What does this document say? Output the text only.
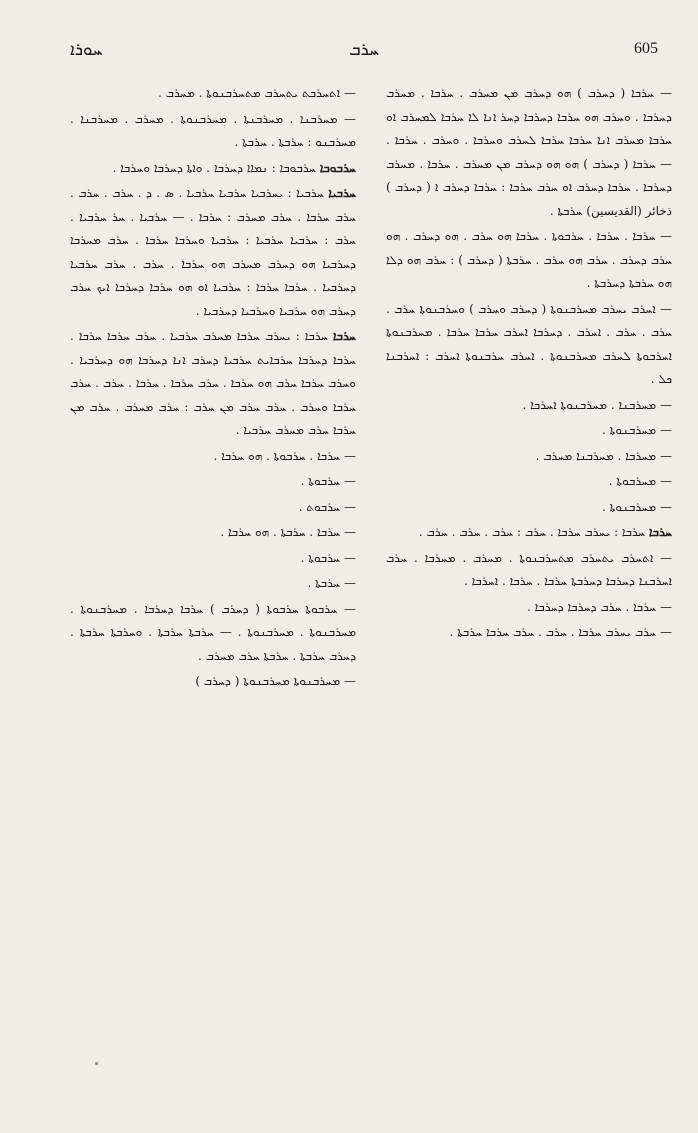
ܚܘܪܐ	ܚܪܒ	605
— ܐܬܚܪܒܬ ܝܬܚܪܒ ܡܬܚܪܒܢܘܬܐ . ܡܚܪܒ .
— ܡܚܪܒܢܐ . ܡܚܪܒܢܬܐ . ܡܚܪܒܢܘܬܐ . ܡܚܪܒ . ܡܚܪܒܢܐ . ܡܚܪܒܢܘ : ܚܪܒܬܐ . ܚܪܒܬܐ .
ܚܪܒܘܒܐ ܚܪܒܘܒܐ : ܢܡܐܐ ܕܚܪܒܐ . ܘܐܬܐ ܕܚܪܒܐ ܘܚܪܒܐ .
ܚܪܒܝܐ ܚܪܒܝܐ : ܝܚܪܒܝܐ ܚܪܒܝܐ ܚܪܒܝܐ . ܣ . ܕ . ܚܪܒ . ܚܪܒ . ܚܪܒ ܚܪܒܐ . ܚܪܒ ܡܚܪܒ : ܚܪܒܐ . — ܚܪܒܝܐ . ܚܪ ܚܪܒܝܐ . ܚܪܒ : ܚܪܒܝܐ ܚܪܒܝܐ : ܚܪܒܝܐ ܘܚܪܒܐ ܚܪܒܐ . ܚܪܒ ܡܚܪܒܐ ܕܚܪܒܝܐ ܗܘ ܕܚܪܒ ܡܚܪܒ ܗܘ ܚܪܒܐ . ܚܪܒ . ܚܪܒ ܚܪܒܝܐ ܕܚܪܒܝܐ . ܚܪܒܐ ܚܪܒܐ : ܚܪܒܝܐ ܐܘ ܗܘ ܚܪܒܐ ܕܚܪܒܐ ܐܝܟ ܚܪܒ ܕܚܪܒ ܗܘ ܚܪܒܝܐ ܘܚܪܒܝܐ ܕܚܪܒܝܐ .
ܚܪܒܐ ܚܪܒܐ : ܝܚܪܒ ܚܪܒܐ ܡܚܪܒ ܚܪܒܝܐ . ܚܪܒ ܚܪܒܐ ܚܪܒܐ . ܚܪܒܐ ܕܚܪܒܐ ܚܪܒܐܝܬ ܚܪܒܝܐ ܕܚܪܒ ܐܢܐ ܕܚܪܒܐ ܗܘ ܕܚܪܒܝܐ . ܘܚܪܒ ܚܪܒܐ ܚܪܒ ܗܘ ܚܪܒܐ . ܚܪܒ ܚܪܒܐ . ܚܪܒܐ . ܚܪܒ . ܚܪܒ ܚܪܒܐ ܘܚܪܒ . ܚܪܒ ܚܪܒ ܡܢ ܚܪܒ : ܚܪܒ ܡܚܪܒ . ܚܪܒ ܡܢ ܚܪܒܐ ܚܪܒ ܡܚܪܒ ܚܪܒܝܐ .
— ܚܪܒܐ . ܚܪܒܘܬܐ . ܗܘ ܚܪܒܐ .
— ܚܪܒܘܬܐ .
— ܚܪܒܘܬ .
— ܚܪܒܐ . ܚܪܒܬܐ . ܗܘ ܚܪܒܐ .
— ܚܪܒܘܬܐ .
— ܚܪܒܬܐ .
— ܚܪܒܘܬܐ ܚܪܒܘܬܐ ( ܕܚܪܒ ) ܚܪܒܐ ܕܚܪܒܐ . ܡܚܪܒܢܘܬܐ . ܡܚܪܒܢܘܬܐ . ܡܚܪܒܢܘܬܐ . — ܚܪܒܬܐ ܚܪܒܬܐ . ܘܚܪܒܬܐ ܚܪܒܬܐ . ܕܚܪܒ ܚܪܒܬܐ . ܚܪܒܬܐ ܚܪܒ ܡܚܪܒ .
— ܡܚܪܒܢܘܬܐ ܡܚܪܒܢܘܬܐ ( ܕܚܪܒ )
— ܚܪܒܐ ( ܕܚܪܒ ) ܗܘ ܕܚܪܒ ܡܢ ܡܚܪܒ . ܚܪܒܐ . ܡܚܪܒ ܕܚܪܒܐ . ܘܚܪܒ ܗܘ ܚܪܒܐ ܕܚܪܒܐ ܕܚܪ ܐܢܐ ܠܐ ܚܪܒܐ ܠܡܚܪܒ ܐܘ ܚܪܒܐ ܡܚܪܒ ܐܢܐ ܚܪܒܐ ܚܪܒܐ ܠܚܪܒ ܘܚܪܒܐ . ܘܚܪܒ . ܚܪܒܐ . — ܚܪܒܐ ( ܕܚܪܒ ) ܗܘ ܗܘ ܕܚܪܒ ܡܢ ܡܚܪܒ . ܚܪܒܐ . ܡܚܪܒ ܕܚܪܒܐ . ܚܪܒܐ ܕܚܪܒ ܐܘ ܚܪܒ ܚܪܒܐ : ܚܪܒܐ ܕܚܪܒ ܐ ( ܕܚܪܒ ) ذخائر (القديسين) ܚܪܒܬܐ .
— ܚܪܒܐ . ܚܪܒܐ . ܚܪܒܘܬܐ . ܚܪܒܐ ܗܘ ܚܪܒ . ܗܘ ܕܚܪܒ . ܗܘ ܚܪܒ ܕܚܪܒ . ܚܪܒ ܗܘ ܚܪܒ . ܚܪܒܬܐ ( ܕܚܪܒ ) : ܚܪܒ ܗܘ ܕܠܐ ܗܘ ܚܪܒܬܐ ܕܚܪܒܬܐ .
— ܐܚܪܒ ܝܚܪܒ ܡܚܪܒܢܘܬܐ ( ܕܚܪܒ ܘܚܪܒ ) ܘܚܪܒܢܘܬܐ ܚܪܒ . ܚܪܒ . ܚܪܒ . ܐܚܪܒ . ܕܚܪܒܐ ܐܚܪܒ ܚܪܒܐ ܚܪܒܐ . ܡܚܪܒܢܘܬܐ ܐܚܪܒܘܬܐ ܠܚܪܒ ܡܚܪܒܢܘܬܐ . ܐܚܪܒ ܚܪܒܢܘܬܐ ܐܚܪܒ : ܐܚܪܒܢܐ ܟܠ .
— ܡܚܪܒܢܐ . ܡܚܪܒܢܘܬܐ ܐܚܪܒܐ .
— ܡܚܪܒܢܘܬܐ .
— ܡܚܪܒܐ . ܡܚܪܒܢܐ ܡܚܪܒ .
— ܡܚܪܒܘܬܐ .
— ܡܚܪܒܢܘܬܐ .
ܚܪܒܐ ܚܪܒܐ : ܝܚܪܒ ܚܪܒܐ . ܚܪܒ : ܚܪܒ . ܚܪܒ . ܚܪܒ .
— ܐܬܚܪܒ ܝܬܚܪܒ ܡܬܚܪܒܢܘܬܐ . ܡܚܪܒ . ܡܚܪܒܐ . ܚܪܒ ܐܚܪܒܢܐ ܕܚܪܒܐ ܕܚܪܒܬܐ ܚܪܒܐ . ܚܪܒܐ . ܐܚܪܒܐ .
— ܚܪܒܐ . ܚܪܒ ܕܚܪܒܐ ܕܚܪܒܐ .
— ܚܪܒ ܝܚܪܒ ܚܪܒܐ . ܚܪܒ . ܚܪܒ ܚܪܒܐ ܚܪܒܬܐ .
